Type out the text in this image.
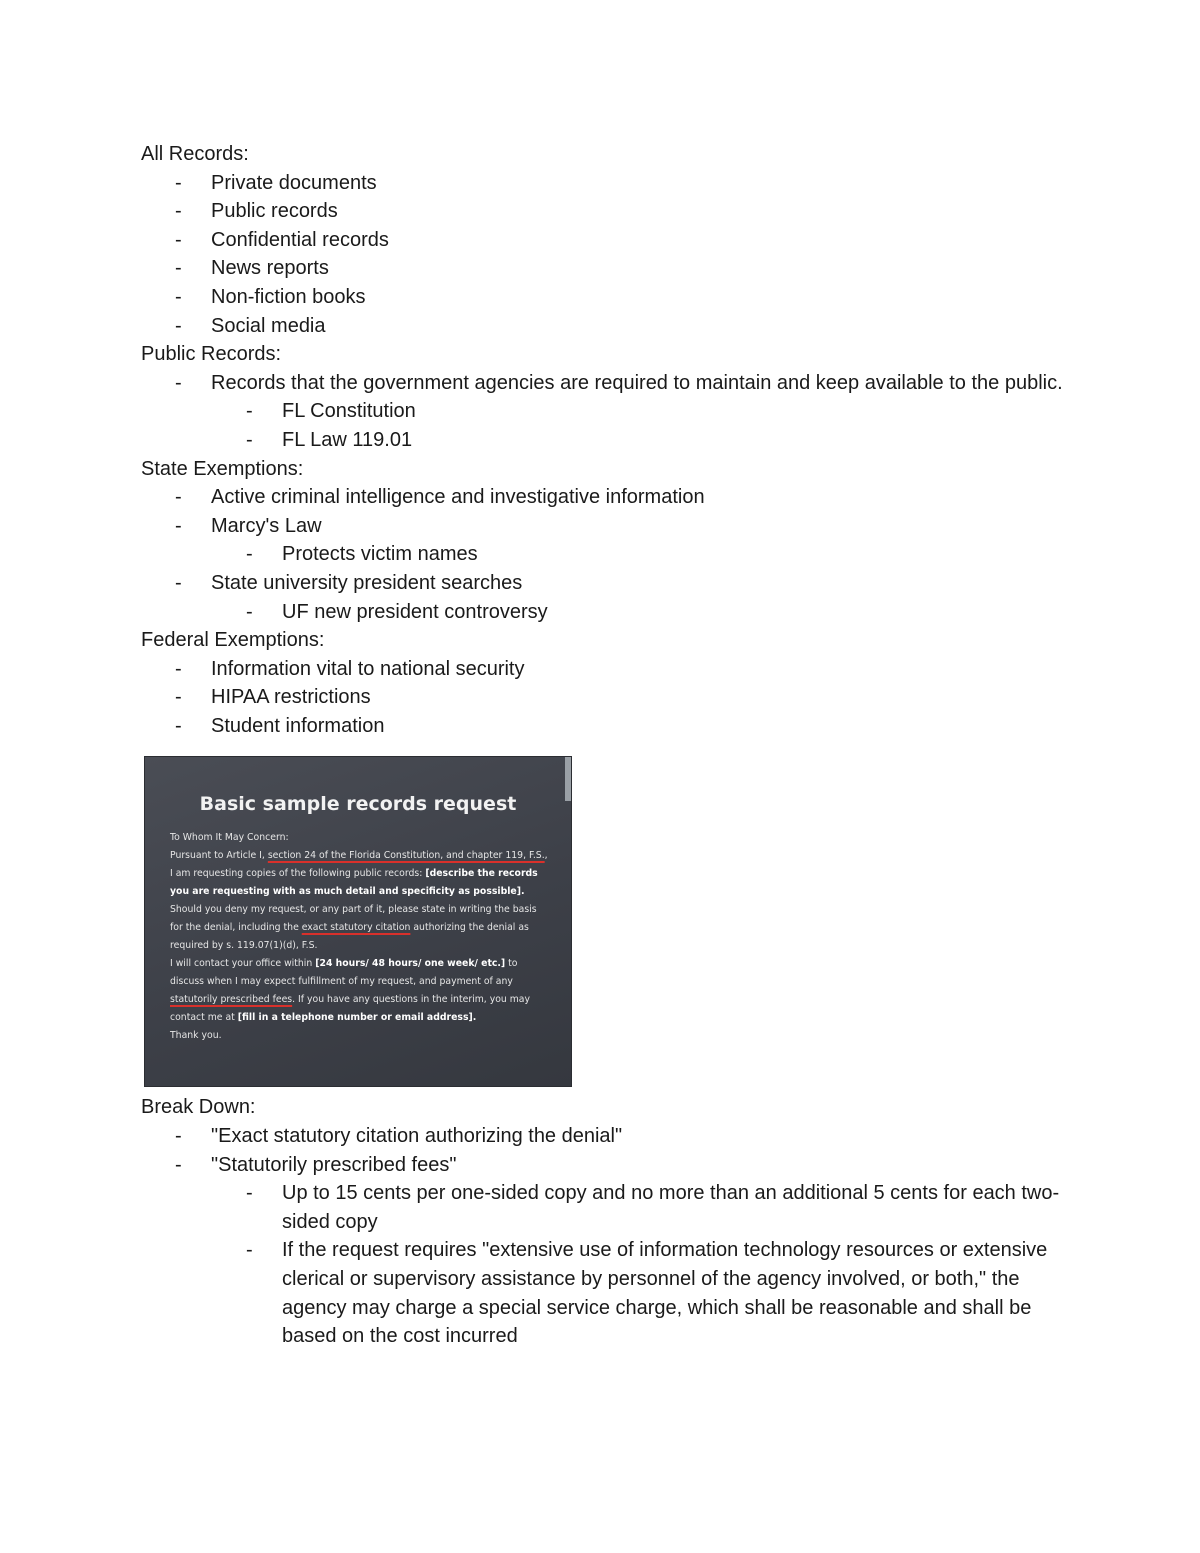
All Records:
- Private documents
- Public records
- Confidential records
- News reports
- Non-fiction books
- Social media
Public Records:
- Records that the government agencies are required to maintain and keep available to the public.
- FL Constitution
- FL Law 119.01
State Exemptions:
- Active criminal intelligence and investigative information
- Marcy's Law
- Protects victim names
- State university president searches
- UF new president controversy
Federal Exemptions:
- Information vital to national security
- HIPAA restrictions
- Student information
Basic sample records request

To Whom It May Concern:

Pursuant to Article I, section 24 of the Florida Constitution, and chapter 119, F.S., I am requesting copies of the following public records: [describe the records you are requesting with as much detail and specificity as possible].

Should you deny my request, or any part of it, please state in writing the basis for the denial, including the exact statutory citation authorizing the denial as required by s. 119.07(1)(d), F.S.

I will contact your office within [24 hours/ 48 hours/ one week/ etc.] to discuss when I may expect fulfillment of my request, and payment of any statutorily prescribed fees. If you have any questions in the interim, you may contact me at [fill in a telephone number or email address].

Thank you.

Break Down:
- "Exact statutory citation authorizing the denial"
- "Statutorily prescribed fees"
- Up to 15 cents per one-sided copy and no more than an additional 5 cents for each two-sided copy
- If the request requires "extensive use of information technology resources or extensive clerical or supervisory assistance by personnel of the agency involved, or both," the agency may charge a special service charge, which shall be reasonable and shall be based on the cost incurred
